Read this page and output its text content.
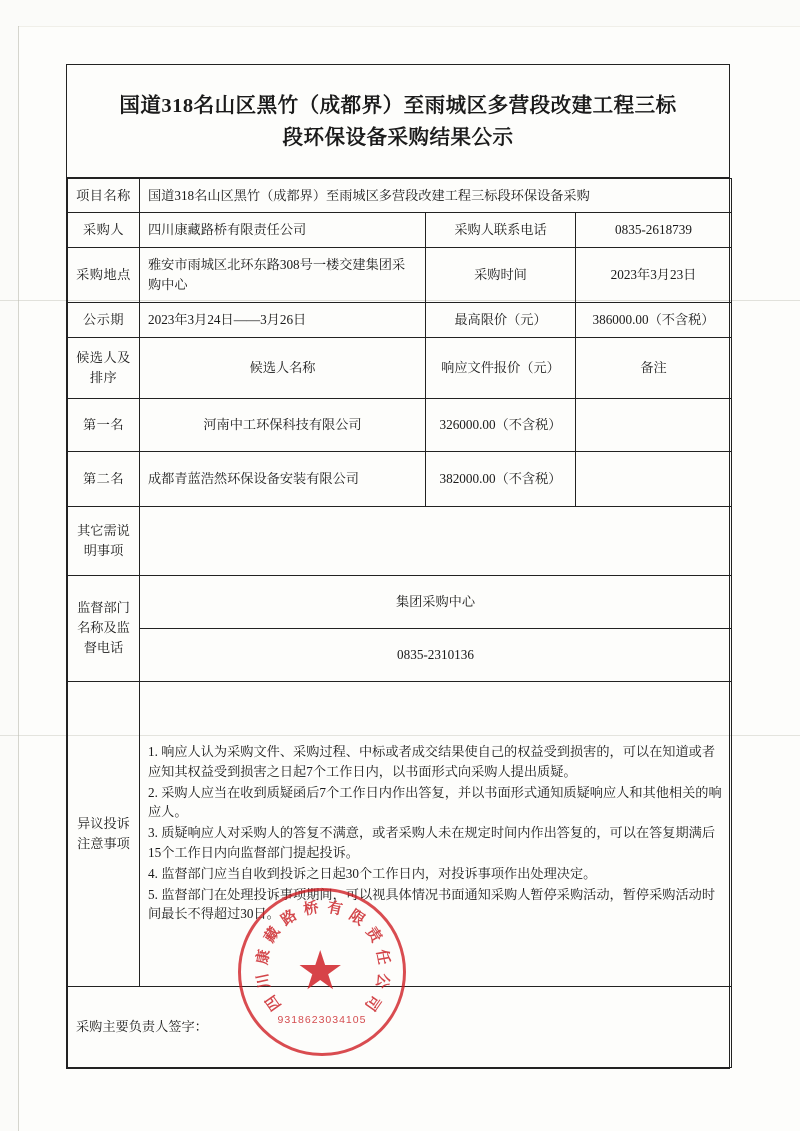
国道318名山区黑竹（成都界）至雨城区多营段改建工程三标
段环保设备采购结果公示
项目名称	国道318名山区黑竹（成都界）至雨城区多营段改建工程三标段环保设备采购		
采购人	四川康藏路桥有限责任公司	采购人联系电话	0835-2618739
采购地点	雅安市雨城区北环东路308号一楼交建集团采购中心	采购时间	2023年3月23日
公示期	2023年3月24日——3月26日	最高限价（元）	386000.00（不含税）
候选人及排序	候选人名称	响应文件报价（元）	备注
第一名	河南中工环保科技有限公司	326000.00（不含税）	
第二名	成都青蓝浩然环保设备安装有限公司	382000.00（不含税）	
其它需说明事项			
监督部门名称及监督电话	集团采购中心		
	0835-2310136		
异议投诉注意事项	1. 响应人认为采购文件、采购过程、中标或者成交结果使自己的权益受到损害的，可以在知道或者应知其权益受到损害之日起7个工作日内，以书面形式向采购人提出质疑。

2. 采购人应当在收到质疑函后7个工作日内作出答复，并以书面形式通知质疑响应人和其他相关的响应人。

3. 质疑响应人对采购人的答复不满意，或者采购人未在规定时间内作出答复的，可以在答复期满后15个工作日内向监督部门提起投诉。

4. 监督部门应当自收到投诉之日起30个工作日内，对投诉事项作出处理决定。

5. 监督部门在处理投诉事项期间，可以视具体情况书面通知采购人暂停采购活动，暂停采购活动时间最长不得超过30日。		

采购主要负责人签字：			
四
川
康
藏
路 桥 有 限
责
任
公
司
★
9318623034105
